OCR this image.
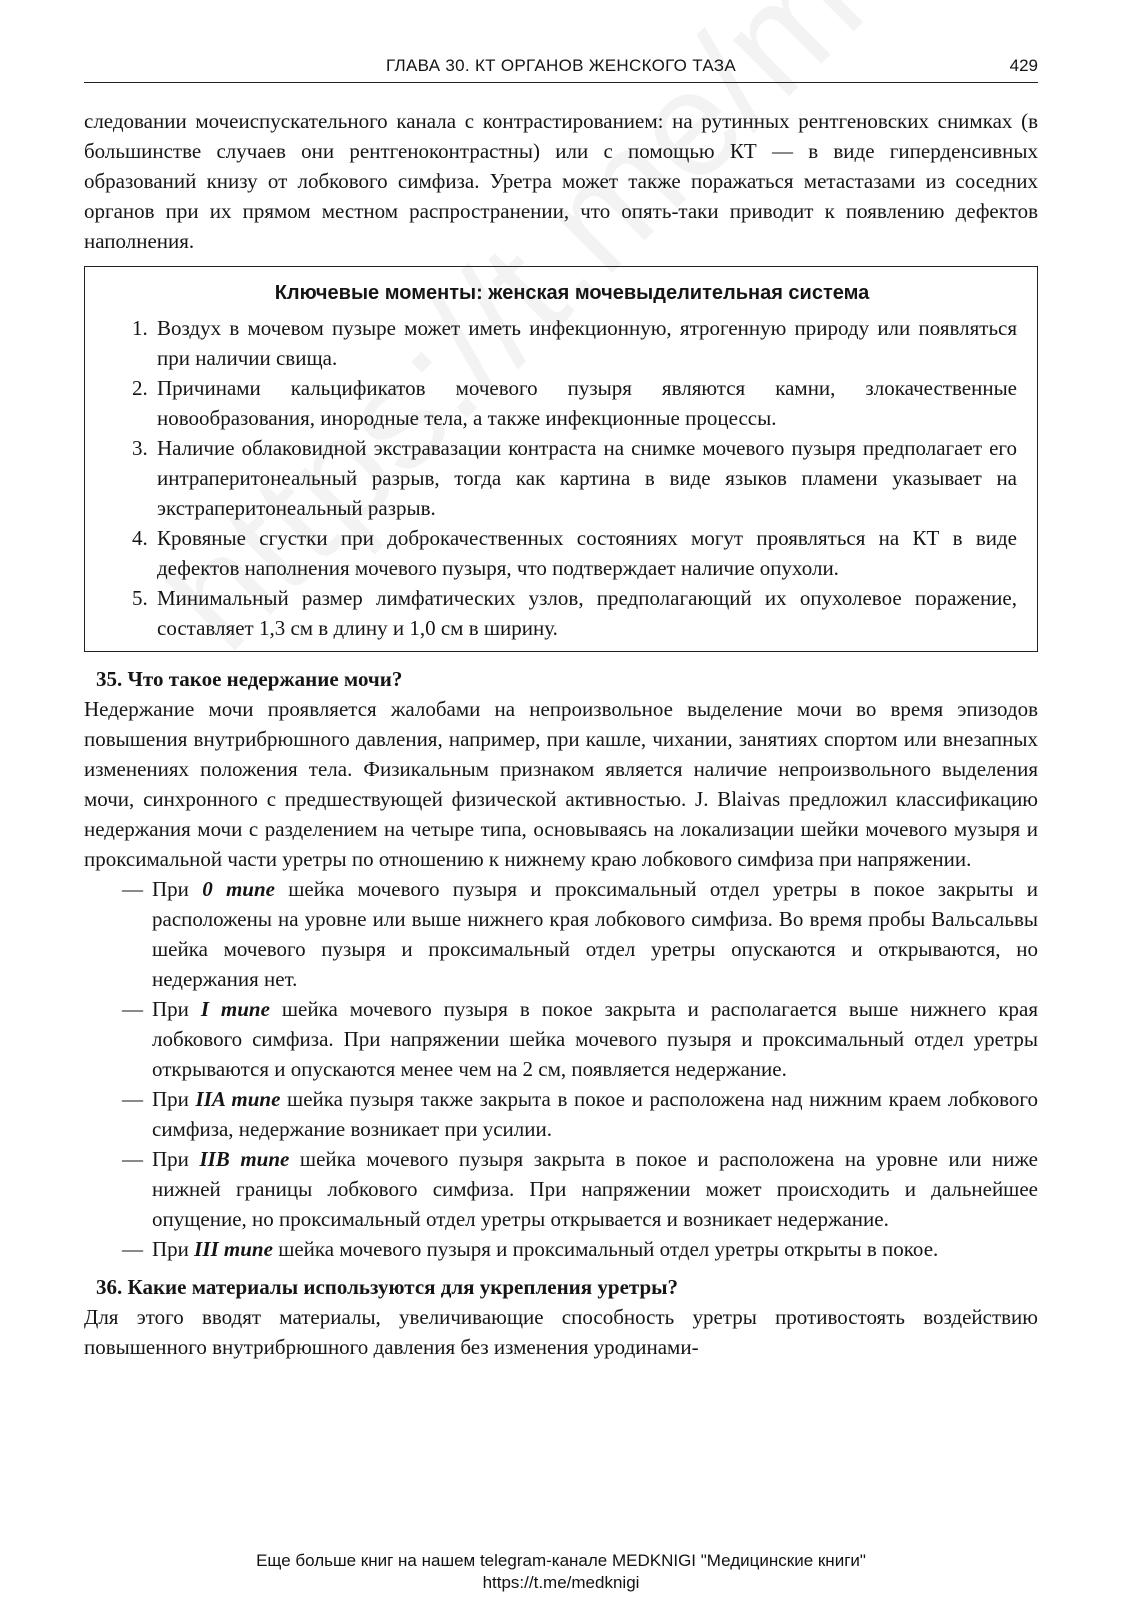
ГЛАВА 30. КТ ОРГАНОВ ЖЕНСКОГО ТАЗА	429

следовании мочеиспускательного канала с контрастированием: на рутинных рентгеновских снимках (в большинстве случаев они рентгеноконтрастны) или с помощью КТ — в виде гиперденсивных образований книзу от лобкового симфиза. Уретра может также поражаться метастазами из соседних органов при их прямом местном распространении, что опять-таки приводит к появлению дефектов наполнения.

Ключевые моменты: женская мочевыделительная система
1. Воздух в мочевом пузыре может иметь инфекционную, ятрогенную природу или появляться при наличии свища.
2. Причинами кальцификатов мочевого пузыря являются камни, злокачественные новообразования, инородные тела, а также инфекционные процессы.
3. Наличие облаковидной экстравазации контраста на снимке мочевого пузыря предполагает его интраперитонеальный разрыв, тогда как картина в виде языков пламени указывает на экстраперитонеальный разрыв.
4. Кровяные сгустки при доброкачественных состояниях могут проявляться на КТ в виде дефектов наполнения мочевого пузыря, что подтверждает наличие опухоли.
5. Минимальный размер лимфатических узлов, предполагающий их опухолевое поражение, составляет 1,3 см в длину и 1,0 см в ширину.
35. Что такое недержание мочи?

Недержание мочи проявляется жалобами на непроизвольное выделение мочи во время эпизодов повышения внутрибрюшного давления, например, при кашле, чихании, занятиях спортом или внезапных изменениях положения тела. Физикальным признаком является наличие непроизвольного выделения мочи, синхронного с предшествующей физической активностью. J. Blaivas предложил классификацию недержания мочи с разделением на четыре типа, основываясь на локализации шейки мочевого музыря и проксимальной части уретры по отношению к нижнему краю лобкового симфиза при напряжении.

— При 0 типе шейка мочевого пузыря и проксимальный отдел уретры в покое закрыты и расположены на уровне или выше нижнего края лобкового симфиза. Во время пробы Вальсальвы шейка мочевого пузыря и проксимальный отдел уретры опускаются и открываются, но недержания нет.
— При I типе шейка мочевого пузыря в покое закрыта и располагается выше нижнего края лобкового симфиза. При напряжении шейка мочевого пузыря и проксимальный отдел уретры открываются и опускаются менее чем на 2 см, появляется недержание.
— При IIA типе шейка пузыря также закрыта в покое и расположена над нижним краем лобкового симфиза, недержание возникает при усилии.
— При IIB типе шейка мочевого пузыря закрыта в покое и расположена на уровне или ниже нижней границы лобкового симфиза. При напряжении может происходить и дальнейшее опущение, но проксимальный отдел уретры открывается и возникает недержание.
— При III типе шейка мочевого пузыря и проксимальный отдел уретры открыты в покое.
36. Какие материалы используются для укрепления уретры?

Для этого вводят материалы, увеличивающие способность уретры противостоять воздействию повышенного внутрибрюшного давления без изменения уродинами-

Еще больше книг на нашем telegram-канале MEDKNIGI "Медицинские книги"
https://t.me/medknigi
